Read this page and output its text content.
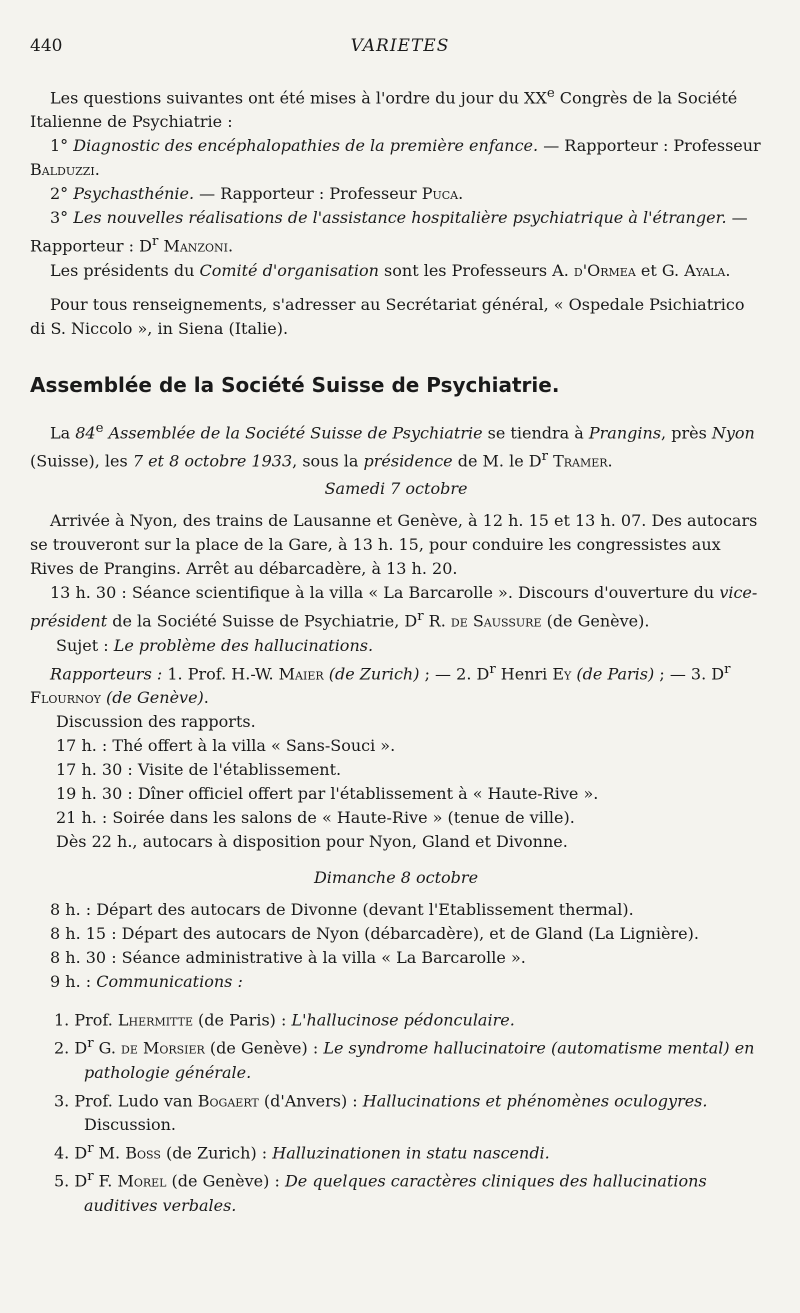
440	VARIETES

Les questions suivantes ont été mises à l'ordre du jour du XXe Congrès de la Société Italienne de Psychiatrie :

1° Diagnostic des encéphalopathies de la première enfance. — Rapporteur : Professeur Balduzzi.

2° Psychasthénie. — Rapporteur : Professeur Puca.

3° Les nouvelles réalisations de l'assistance hospitalière psychiatrique à l'étranger. — Rapporteur : $D^r$ Manzoni.

Les présidents du Comité d'organisation sont les Professeurs A. d'Ormea et G. Ayala.

Pour tous renseignements, s'adresser au Secrétariat général, « Ospedale Psichiatrico di S. Niccolo », in Siena (Italie).

Assemblée de la Société Suisse de Psychiatrie.

La 84e Assemblée de la Société Suisse de Psychiatrie se tiendra à Prangins, près Nyon (Suisse), les 7 et 8 octobre 1933, sous la présidence de M. le $D^r$ Tramer.

Samedi 7 octobre

Arrivée à Nyon, des trains de Lausanne et Genève, à 12 h. 15 et 13 h. 07. Des autocars se trouveront sur la place de la Gare, à 13 h. 15, pour conduire les congressistes aux Rives de Prangins. Arrêt au débarcadère, à 13 h. 20.

13 h. 30 : Séance scientifique à la villa « La Barcarolle ». Discours d'ouverture du vice-président de la Société Suisse de Psychiatrie, $D^r$ R. de Saussure (de Genève).

Sujet : Le problème des hallucinations.

Rapporteurs : 1. Prof. H.-W. Maier (de Zurich) ; — 2. $D^r$ Henri Ey (de Paris) ; — 3. $D^r$ Flournoy (de Genève).

Discussion des rapports.

17 h. : Thé offert à la villa « Sans-Souci ».

17 h. 30 : Visite de l'établissement.

19 h. 30 : Dîner officiel offert par l'établissement à « Haute-Rive ».

21 h. : Soirée dans les salons de « Haute-Rive » (tenue de ville).

Dès 22 h., autocars à disposition pour Nyon, Gland et Divonne.

Dimanche 8 octobre

8 h. : Départ des autocars de Divonne (devant l'Etablissement thermal).

8 h. 15 : Départ des autocars de Nyon (débarcadère), et de Gland (La Lignière).

8 h. 30 : Séance administrative à la villa « La Barcarolle ».

9 h. : Communications :

1. Prof. Lhermitte (de Paris) : L'hallucinose pédonculaire.

2. $D^r$ G. de Morsier (de Genève) : Le syndrome hallucinatoire (automatisme mental) en pathologie générale.

3. Prof. Ludo van Bogaert (d'Anvers) : Hallucinations et phénomènes oculogyres. Discussion.

4. $D^r$ M. Boss (de Zurich) : Halluzinationen in statu nascendi.

5. $D^r$ F. Morel (de Genève) : De quelques caractères cliniques des hallucinations auditives verbales.
